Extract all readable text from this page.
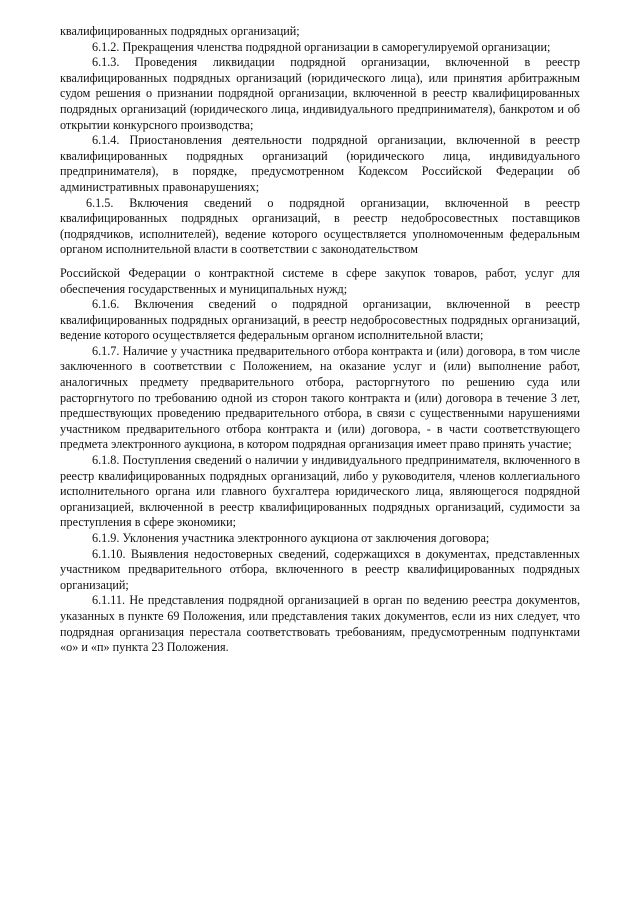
квалифицированных подрядных организаций;

6.1.2. Прекращения членства подрядной организации в саморегулируемой организации;

6.1.3. Проведения ликвидации подрядной организации, включенной в реестр квалифицированных подрядных организаций (юридического лица), или принятия арбитражным судом решения о признании подрядной организации, включенной в реестр квалифицированных подрядных организаций (юридического лица, индивидуального предпринимателя), банкротом и об открытии конкурсного производства;

6.1.4. Приостановления деятельности подрядной организации, включенной в реестр квалифицированных подрядных организаций (юридического лица, индивидуального предпринимателя), в порядке, предусмотренном Кодексом Российской Федерации об административных правонарушениях;

6.1.5. Включения сведений о подрядной организации, включенной в реестр квалифицированных подрядных организаций, в реестр недобросовестных поставщиков (подрядчиков, исполнителей), ведение которого осуществляется уполномоченным федеральным органом исполнительной власти в соответствии с законодательством

Российской Федерации о контрактной системе в сфере закупок товаров, работ, услуг для обеспечения государственных и муниципальных нужд;

6.1.6. Включения сведений о подрядной организации, включенной в реестр квалифицированных подрядных организаций, в реестр недобросовестных подрядных организаций, ведение которого осуществляется федеральным органом исполнительной власти;

6.1.7. Наличие у участника предварительного отбора контракта и (или) договора, в том числе заключенного в соответствии с Положением, на оказание услуг и (или) выполнение работ, аналогичных предмету предварительного отбора, расторгнутого по решению суда или расторгнутого по требованию одной из сторон такого контракта и (или) договора в течение 3 лет, предшествующих проведению предварительного отбора, в связи с существенными нарушениями участником предварительного отбора контракта и (или) договора, - в части соответствующего предмета электронного аукциона, в котором подрядная организация имеет право принять участие;

6.1.8. Поступления сведений о наличии у индивидуального предпринимателя, включенного в реестр квалифицированных подрядных организаций, либо у руководителя, членов коллегиального исполнительного органа или главного бухгалтера юридического лица, являющегося подрядной организацией, включенной в реестр квалифицированных подрядных организаций, судимости за преступления в сфере экономики;

6.1.9. Уклонения участника электронного аукциона от заключения договора;

6.1.10. Выявления недостоверных сведений, содержащихся в документах, представленных участником предварительного отбора, включенного в реестр квалифицированных подрядных организаций;

6.1.11. Не представления подрядной организацией в орган по ведению реестра документов, указанных в пункте 69 Положения, или представления таких документов, если из них следует, что подрядная организация перестала соответствовать требованиям, предусмотренным подпунктами «о» и «п» пункта 23 Положения.
